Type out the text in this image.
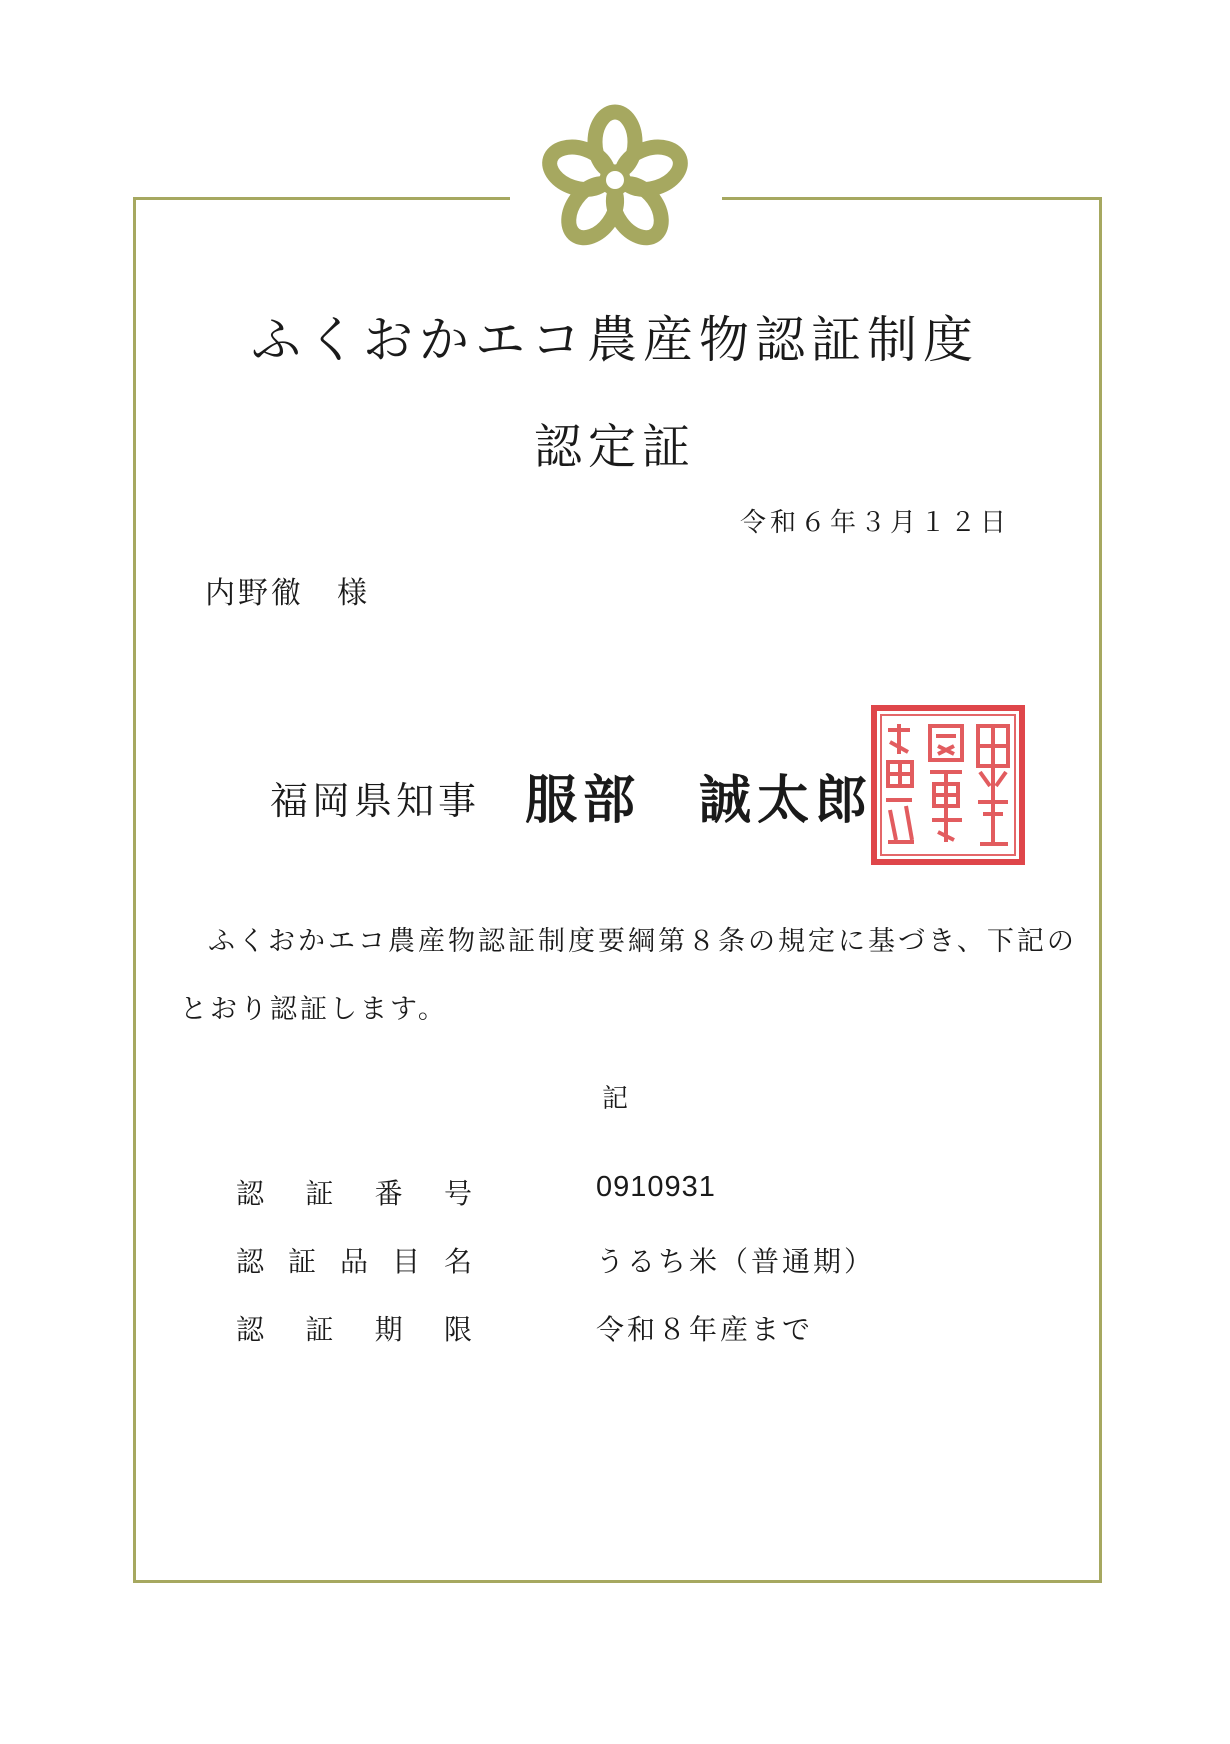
ふくおかエコ農産物認証制度
認定証
令和６年３月１２日
内野徹　様
福岡県知事 服部　誠太郎
ふくおかエコ農産物認証制度要綱第８条の規定に基づき、下記の
とおり認証します。
記
認 証 番 号	0910931
認 証 品 目 名	うるち米（普通期）
認 証 期 限	令和８年産まで
